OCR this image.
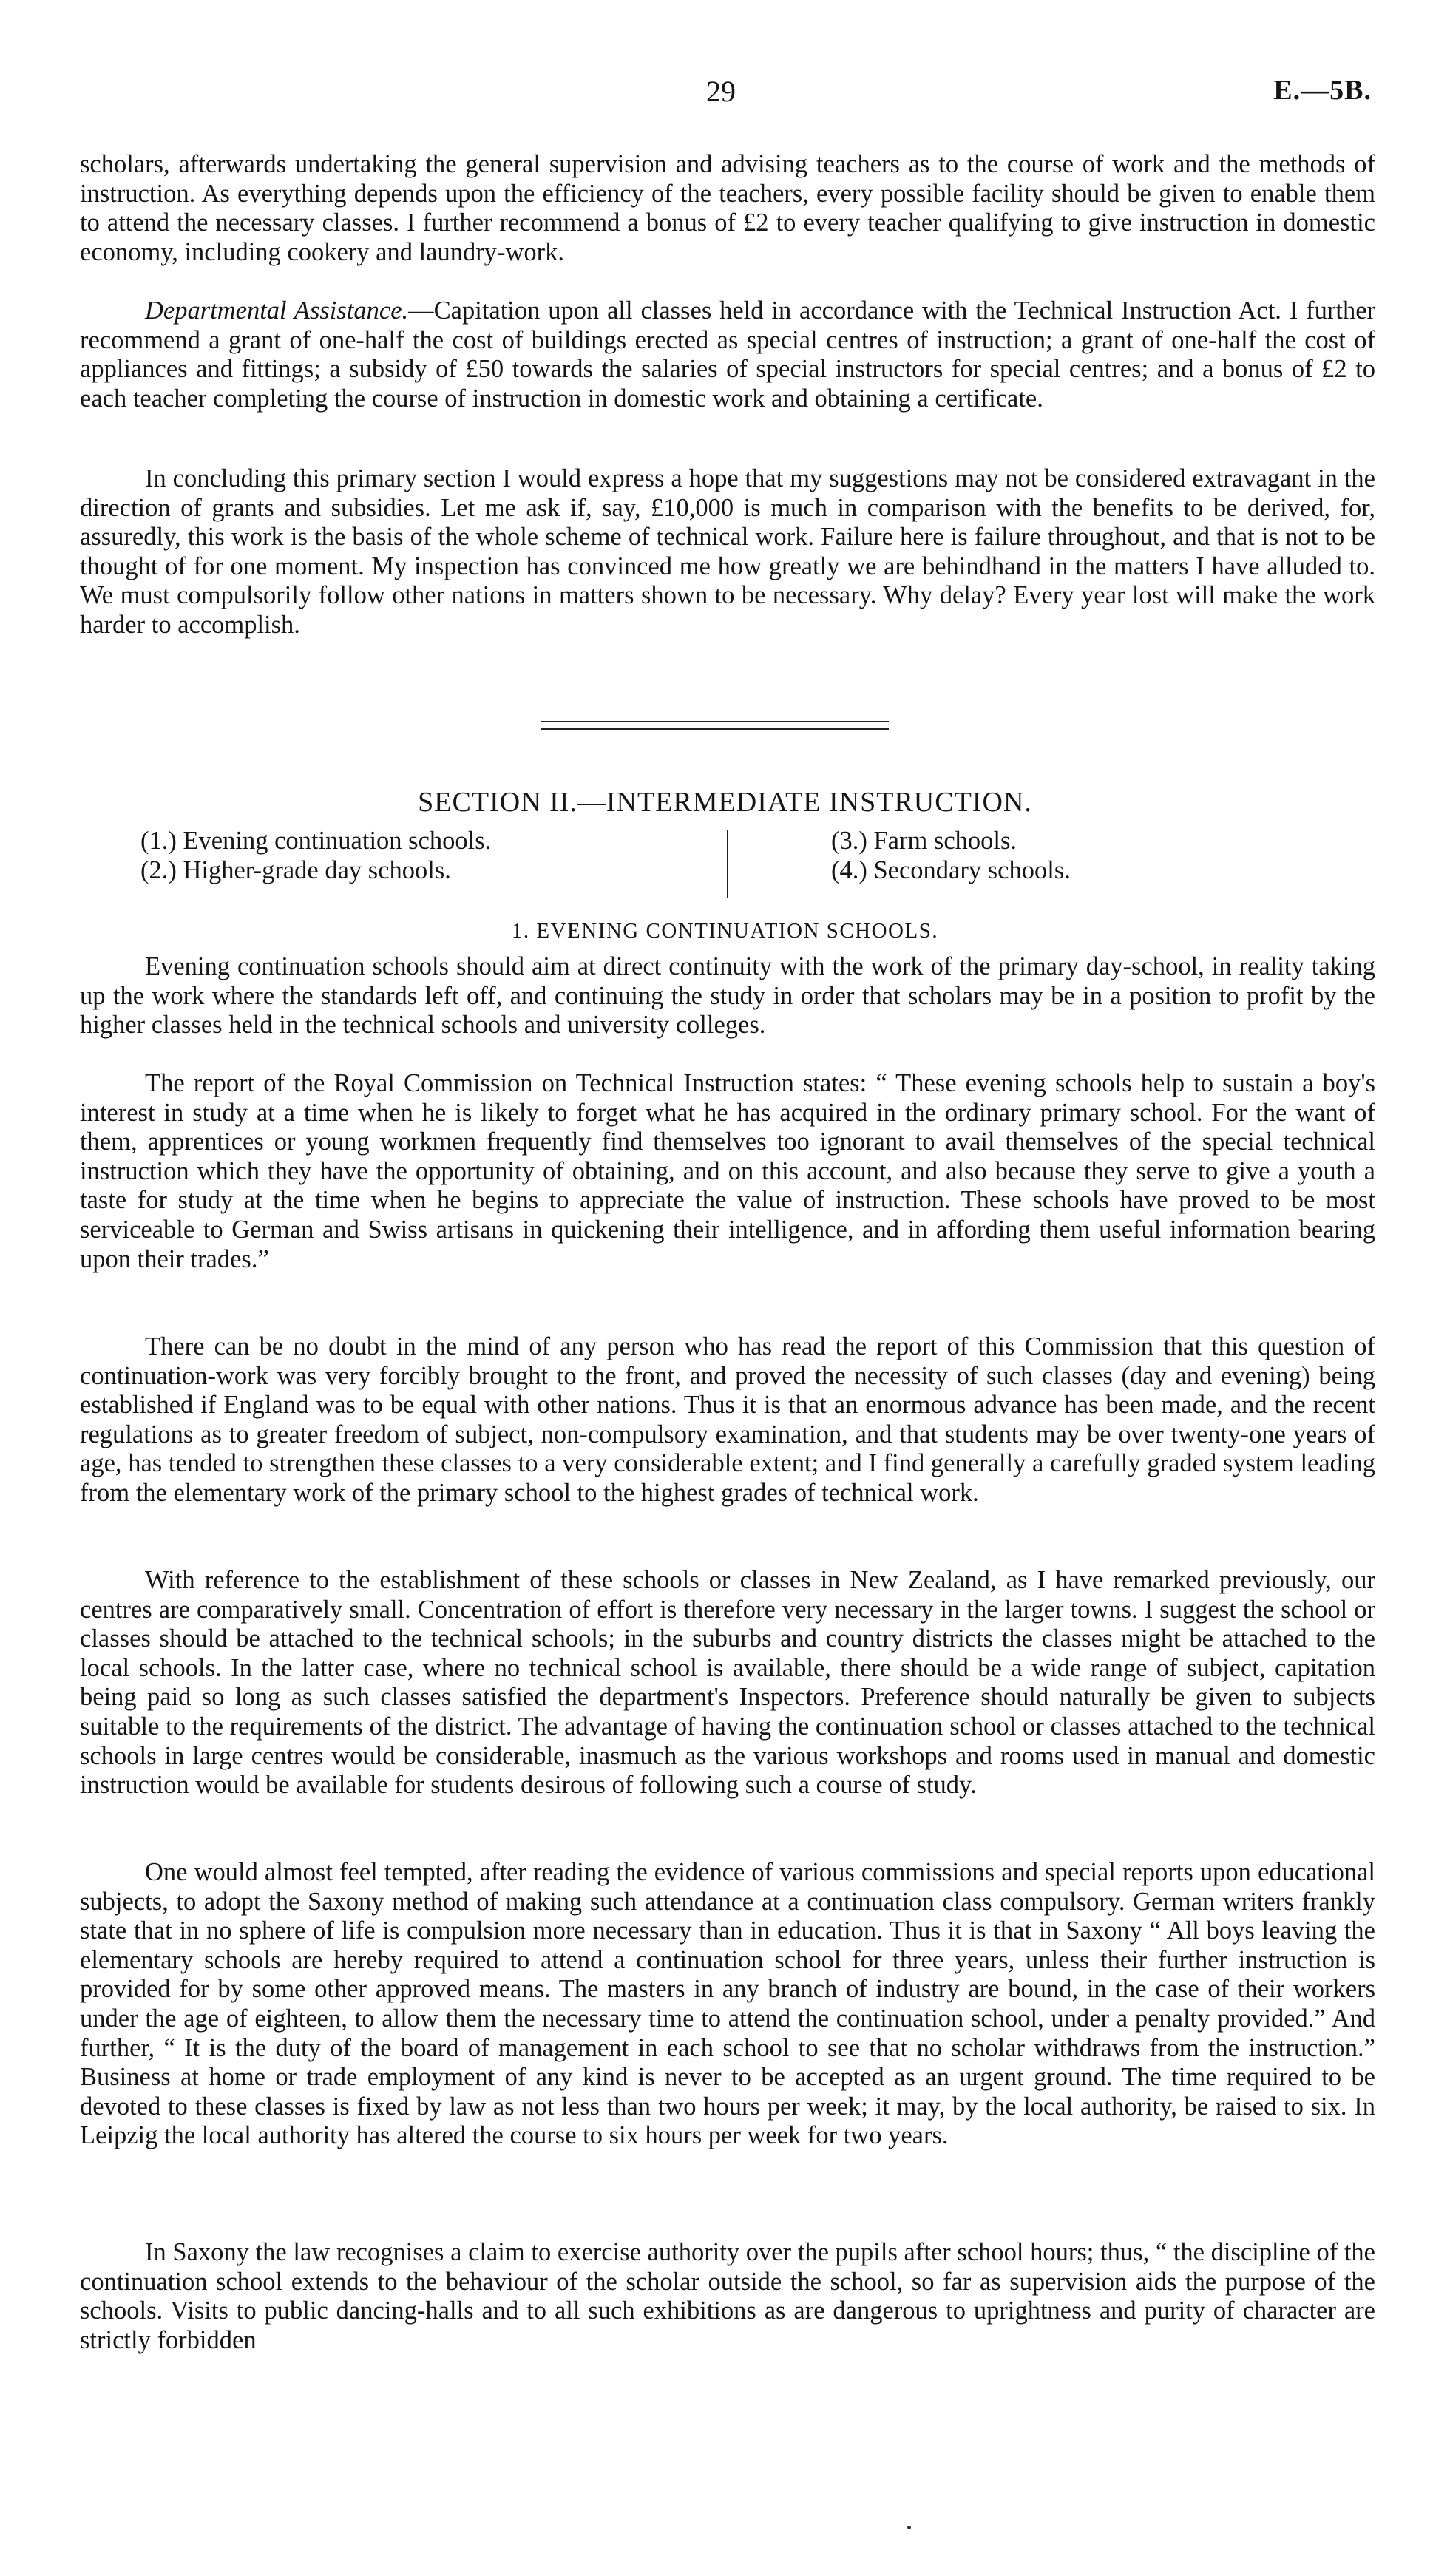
29	E.—5B.

scholars, afterwards undertaking the general supervision and advising teachers as to the course of work and the methods of instruction. As everything depends upon the efficiency of the teachers, every possible facility should be given to enable them to attend the necessary classes. I further recommend a bonus of £2 to every teacher qualifying to give instruction in domestic economy, including cookery and laundry-work.

Departmental Assistance.—Capitation upon all classes held in accordance with the Technical Instruction Act. I further recommend a grant of one-half the cost of buildings erected as special centres of instruction; a grant of one-half the cost of appliances and fittings; a subsidy of £50 towards the salaries of special instructors for special centres; and a bonus of £2 to each teacher completing the course of instruction in domestic work and obtaining a certificate.

In concluding this primary section I would express a hope that my suggestions may not be considered extravagant in the direction of grants and subsidies. Let me ask if, say, £10,000 is much in comparison with the benefits to be derived, for, assuredly, this work is the basis of the whole scheme of technical work. Failure here is failure throughout, and that is not to be thought of for one moment. My inspection has convinced me how greatly we are behindhand in the matters I have alluded to. We must compulsorily follow other nations in matters shown to be necessary. Why delay? Every year lost will make the work harder to accomplish.

SECTION II.—INTERMEDIATE INSTRUCTION.
(1.) Evening continuation schools.
(2.) Higher-grade day schools.
(3.) Farm schools.
(4.) Secondary schools.
1. EVENING CONTINUATION SCHOOLS.

Evening continuation schools should aim at direct continuity with the work of the primary day-school, in reality taking up the work where the standards left off, and continuing the study in order that scholars may be in a position to profit by the higher classes held in the technical schools and university colleges.

The report of the Royal Commission on Technical Instruction states: “ These evening schools help to sustain a boy's interest in study at a time when he is likely to forget what he has acquired in the ordinary primary school. For the want of them, apprentices or young workmen frequently find themselves too ignorant to avail themselves of the special technical instruction which they have the opportunity of obtaining, and on this account, and also because they serve to give a youth a taste for study at the time when he begins to appreciate the value of instruction. These schools have proved to be most serviceable to German and Swiss artisans in quickening their intelligence, and in affording them useful information bearing upon their trades.”

There can be no doubt in the mind of any person who has read the report of this Commission that this question of continuation-work was very forcibly brought to the front, and proved the necessity of such classes (day and evening) being established if England was to be equal with other nations. Thus it is that an enormous advance has been made, and the recent regulations as to greater freedom of subject, non-compulsory examination, and that students may be over twenty-one years of age, has tended to strengthen these classes to a very considerable extent; and I find generally a carefully graded system leading from the elementary work of the primary school to the highest grades of technical work.

With reference to the establishment of these schools or classes in New Zealand, as I have remarked previously, our centres are comparatively small. Concentration of effort is therefore very necessary in the larger towns. I suggest the school or classes should be attached to the technical schools; in the suburbs and country districts the classes might be attached to the local schools. In the latter case, where no technical school is available, there should be a wide range of subject, capitation being paid so long as such classes satisfied the department's Inspectors. Preference should naturally be given to subjects suitable to the requirements of the district. The advantage of having the continuation school or classes attached to the technical schools in large centres would be considerable, inasmuch as the various workshops and rooms used in manual and domestic instruction would be available for students desirous of following such a course of study.

One would almost feel tempted, after reading the evidence of various commissions and special reports upon educational subjects, to adopt the Saxony method of making such attendance at a continuation class compulsory. German writers frankly state that in no sphere of life is compulsion more necessary than in education. Thus it is that in Saxony “ All boys leaving the elementary schools are hereby required to attend a continuation school for three years, unless their further instruction is provided for by some other approved means. The masters in any branch of industry are bound, in the case of their workers under the age of eighteen, to allow them the necessary time to attend the continuation school, under a penalty provided.” And further, “ It is the duty of the board of management in each school to see that no scholar withdraws from the instruction.” Business at home or trade employment of any kind is never to be accepted as an urgent ground. The time required to be devoted to these classes is fixed by law as not less than two hours per week; it may, by the local authority, be raised to six. In Leipzig the local authority has altered the course to six hours per week for two years.

In Saxony the law recognises a claim to exercise authority over the pupils after school hours; thus, “ the discipline of the continuation school extends to the behaviour of the scholar outside the school, so far as supervision aids the purpose of the schools. Visits to public dancing-halls and to all such exhibitions as are dangerous to uprightness and purity of character are strictly forbidden
